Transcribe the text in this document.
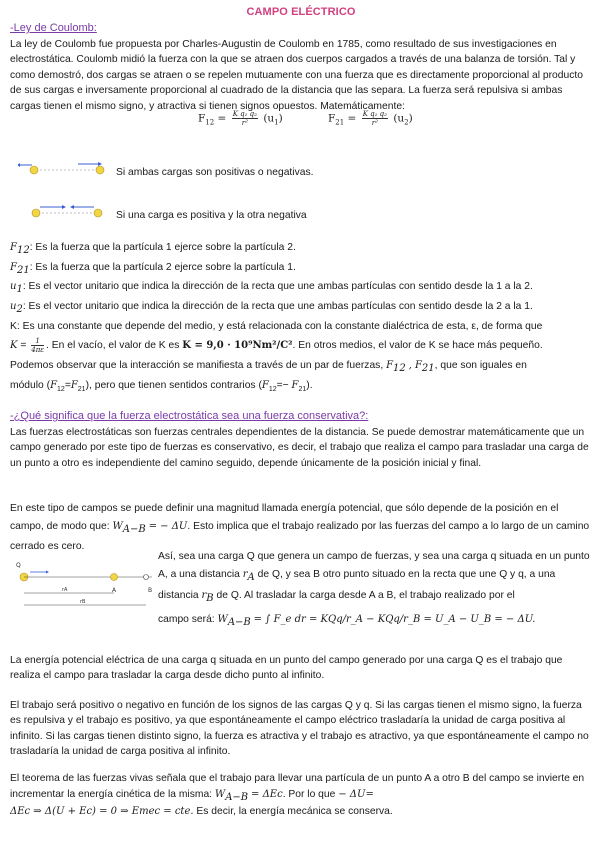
CAMPO ELÉCTRICO
-Ley de Coulomb:
La ley de Coulomb fue propuesta por Charles-Augustin de Coulomb en 1785, como resultado de sus investigaciones en electrostática. Coulomb midió la fuerza con la que se atraen dos cuerpos cargados a través de una balanza de torsión. Tal y como demostró, dos cargas se atraen o se repelen mutuamente con una fuerza que es directamente proporcional al producto de sus cargas e inversamente proporcional al cuadrado de la distancia que las separa. La fuerza será repulsiva si ambas cargas tienen el mismo signo, y atractiva si tienen signos opuestos. Matemáticamente:
$F_{12} = \frac{\text{K q₁ q₂}}{\text{r²}} (u_1)$	$F_{21} = \frac{\text{K q₁ q₂}}{\text{r²}} (u_2)$
Si ambas cargas son positivas o negativas.
Si una carga es positiva y la otra negativa
$F_{12}$: Es la fuerza que la partícula 1 ejerce sobre la partícula 2.
$F_{21}$: Es la fuerza que la partícula 2 ejerce sobre la partícula 1.
$u_1$: Es el vector unitario que indica la dirección de la recta que une ambas partículas con sentido desde la 1 a la 2.
$u_2$: Es el vector unitario que indica la dirección de la recta que une ambas partículas con sentido desde la 2 a la 1.
K: Es una constante que depende del medio, y está relacionada con la constante dialéctrica de esta, ε, de forma que
$K = \frac{1}{4\pi\varepsilon}$ . En el vacío, el valor de K es K = 9,0 · 10⁹Nm²/C². En otros medios, el valor de K se hace más pequeño.
Podemos observar que la interacción se manifiesta a través de un par de fuerzas, $F_{12}$ , $F_{21}$, que son iguales en
módulo $(F_{12}=F_{21})$, pero que tienen sentidos contrarios $(F_{12}=- F_{21})$.
-¿Qué significa que la fuerza electrostática sea una fuerza conservativa?:
Las fuerzas electrostáticas son fuerzas centrales dependientes de la distancia. Se puede demostrar matemáticamente que un campo generado por este tipo de fuerzas es conservativo, es decir, el trabajo que realiza el campo para trasladar una carga de un punto a otro es independiente del camino seguido, depende únicamente de la posición inicial y final.
En este tipo de campos se puede definir una magnitud llamada energía potencial, que sólo depende de la posición en el campo, de modo que: $W_{A-B}$ = − ΔU. Esto implica que el trabajo realizado por las fuerzas del campo a lo largo de un camino cerrado es cero.
Q
A	B
rA
rB
Así, sea una carga Q que genera un campo de fuerzas, y sea una carga q situada en un punto A, a una distancia $r_A$ de Q, y sea B otro punto situado en la recta que une Q y q, a una distancia $r_B$ de Q. Al trasladar la carga desde A a B, el trabajo realizado por el
campo será: $W_{A-B}$ = ∫ F_e dr = KQq/r_A − KQq/r_B = U_A − U_B = − ΔU.
La energía potencial eléctrica de una carga q situada en un punto del campo generado por una carga Q es el trabajo que realiza el campo para trasladar la carga desde dicho punto al infinito.
El trabajo será positivo o negativo en función de los signos de las cargas Q y q. Si las cargas tienen el mismo signo, la fuerza es repulsiva y el trabajo es positivo, ya que espontáneamente el campo eléctrico trasladaría la unidad de carga positiva al infinito. Si las cargas tienen distinto signo, la fuerza es atractiva y el trabajo es atractivo, ya que espontáneamente el campo no trasladaría la unidad de carga positiva al infinito.
El teorema de las fuerzas vivas señala que el trabajo para llevar una partícula de un punto A a otro B del campo se invierte en incrementar la energía cinética de la misma: $W_{A-B} = \Delta Ec$. Por lo que − ΔU=
ΔEc ⇒ Δ(U + Ec) = 0 ⇒ Emec = cte. Es decir, la energía mecánica se conserva.
